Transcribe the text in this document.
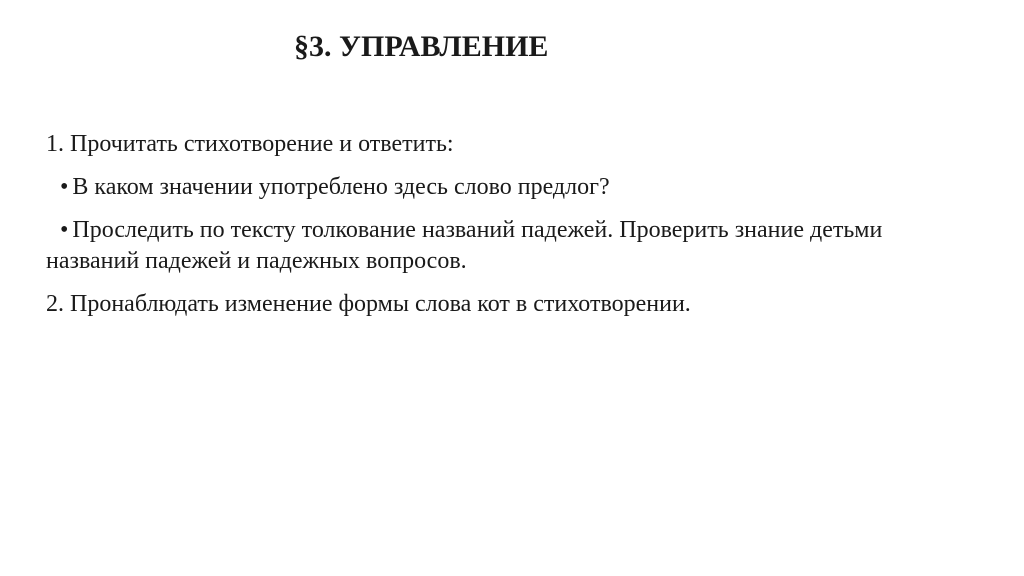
§3. УПРАВЛЕНИЕ

1. Прочитать стихотворение и ответить:

• В каком значении употреблено здесь слово предлог?

• Проследить по тексту толкование названий падежей. Проверить знание детьми названий падежей и падежных вопросов.

2. Пронаблюдать изменение формы слова кот в стихотворении.
